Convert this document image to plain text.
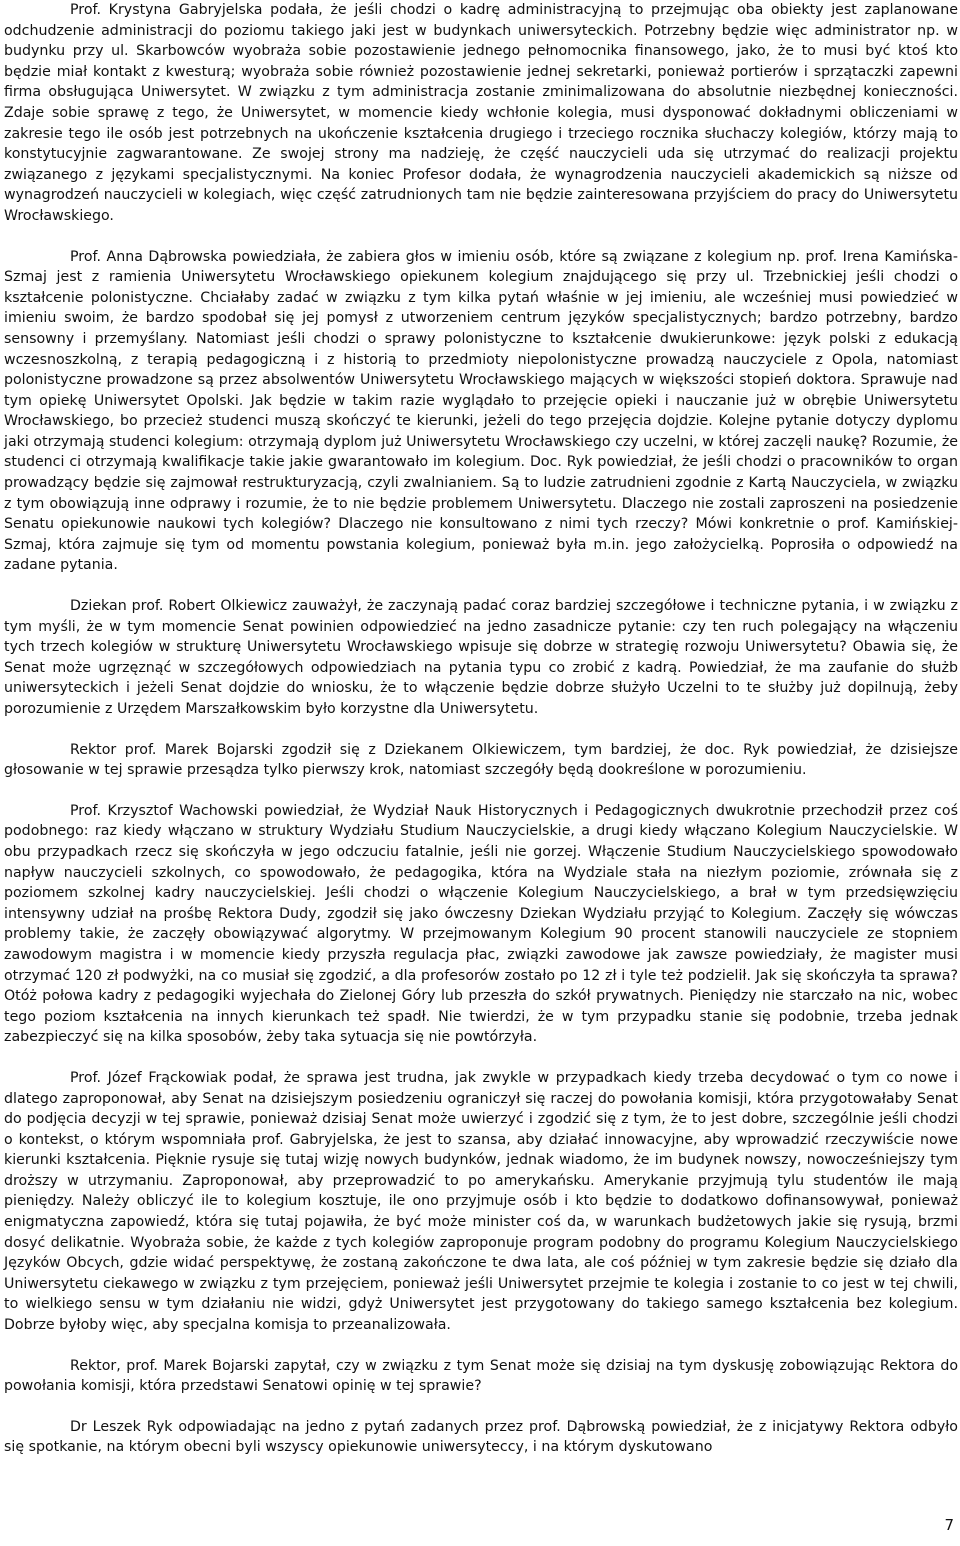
Prof. Krystyna Gabryjelska podała, że jeśli chodzi o kadrę administracyjną to przejmując oba obiekty jest zaplanowane odchudzenie administracji do poziomu takiego jaki jest w budynkach uniwersyteckich. Potrzebny będzie więc administrator np. w budynku przy ul. Skarbowców wyobraża sobie pozostawienie jednego pełnomocnika finansowego, jako, że to musi być ktoś kto będzie miał kontakt z kwesturą; wyobraża sobie również pozostawienie jednej sekretarki, ponieważ portierów i sprzątaczki zapewni firma obsługująca Uniwersytet. W związku z tym administracja zostanie zminimalizowana do absolutnie niezbędnej konieczności. Zdaje sobie sprawę z tego, że Uniwersytet, w momencie kiedy wchłonie kolegia, musi dysponować dokładnymi obliczeniami w zakresie tego ile osób jest potrzebnych na ukończenie kształcenia drugiego i trzeciego rocznika słuchaczy kolegiów, którzy mają to konstytucyjnie zagwarantowane. Ze swojej strony ma nadzieję, że część nauczycieli uda się utrzymać do realizacji projektu związanego z językami specjalistycznymi. Na koniec Profesor dodała, że wynagrodzenia nauczycieli akademickich są niższe od wynagrodzeń nauczycieli w kolegiach, więc część zatrudnionych tam nie będzie zainteresowana przyjściem do pracy do Uniwersytetu Wrocławskiego.

Prof. Anna Dąbrowska powiedziała, że zabiera głos w imieniu osób, które są związane z kolegium np. prof. Irena Kamińska-Szmaj jest z ramienia Uniwersytetu Wrocławskiego opiekunem kolegium znajdującego się przy ul. Trzebnickiej jeśli chodzi o kształcenie polonistyczne. Chciałaby zadać w związku z tym kilka pytań właśnie w jej imieniu, ale wcześniej musi powiedzieć w imieniu swoim, że bardzo spodobał się jej pomysł z utworzeniem centrum języków specjalistycznych; bardzo potrzebny, bardzo sensowny i przemyślany. Natomiast jeśli chodzi o sprawy polonistyczne to kształcenie dwukierunkowe: język polski z edukacją wczesnoszkolną, z terapią pedagogiczną i z historią to przedmioty niepolonistyczne prowadzą nauczyciele z Opola, natomiast polonistyczne prowadzone są przez absolwentów Uniwersytetu Wrocławskiego mających w większości stopień doktora. Sprawuje nad tym opiekę Uniwersytet Opolski. Jak będzie w takim razie wyglądało to przejęcie opieki i nauczanie już w obrębie Uniwersytetu Wrocławskiego, bo przecież studenci muszą skończyć te kierunki, jeżeli do tego przejęcia dojdzie. Kolejne pytanie dotyczy dyplomu jaki otrzymają studenci kolegium: otrzymają dyplom już Uniwersytetu Wrocławskiego czy uczelni, w której zaczęli naukę? Rozumie, że studenci ci otrzymają kwalifikacje takie jakie gwarantowało im kolegium. Doc. Ryk powiedział, że jeśli chodzi o pracowników to organ prowadzący będzie się zajmował restrukturyzacją, czyli zwalnianiem. Są to ludzie zatrudnieni zgodnie z Kartą Nauczyciela, w związku z tym obowiązują inne odprawy i rozumie, że to nie będzie problemem Uniwersytetu. Dlaczego nie zostali zaproszeni na posiedzenie Senatu opiekunowie naukowi tych kolegiów? Dlaczego nie konsultowano z nimi tych rzeczy? Mówi konkretnie o prof. Kamińskiej-Szmaj, która zajmuje się tym od momentu powstania kolegium, ponieważ była m.in. jego założycielką. Poprosiła o odpowiedź na zadane pytania.

Dziekan prof. Robert Olkiewicz zauważył, że zaczynają padać coraz bardziej szczegółowe i techniczne pytania, i w związku z tym myśli, że w tym momencie Senat powinien odpowiedzieć na jedno zasadnicze pytanie: czy ten ruch polegający na włączeniu tych trzech kolegiów w strukturę Uniwersytetu Wrocławskiego wpisuje się dobrze w strategię rozwoju Uniwersytetu? Obawia się, że Senat może ugrzęznąć w szczegółowych odpowiedziach na pytania typu co zrobić z kadrą. Powiedział, że ma zaufanie do służb uniwersyteckich i jeżeli Senat dojdzie do wniosku, że to włączenie będzie dobrze służyło Uczelni to te służby już dopilnują, żeby porozumienie z Urzędem Marszałkowskim było korzystne dla Uniwersytetu.

Rektor prof. Marek Bojarski zgodził się z Dziekanem Olkiewiczem, tym bardziej, że doc. Ryk powiedział, że dzisiejsze głosowanie w tej sprawie przesądza tylko pierwszy krok, natomiast szczegóły będą dookreślone w porozumieniu.

Prof. Krzysztof Wachowski powiedział, że Wydział Nauk Historycznych i Pedagogicznych dwukrotnie przechodził przez coś podobnego: raz kiedy włączano w struktury Wydziału Studium Nauczycielskie, a drugi kiedy włączano Kolegium Nauczycielskie. W obu przypadkach rzecz się skończyła w jego odczuciu fatalnie, jeśli nie gorzej. Włączenie Studium Nauczycielskiego spowodowało napływ nauczycieli szkolnych, co spowodowało, że pedagogika, która na Wydziale stała na niezłym poziomie, zrównała się z poziomem szkolnej kadry nauczycielskiej. Jeśli chodzi o włączenie Kolegium Nauczycielskiego, a brał w tym przedsięwzięciu intensywny udział na prośbę Rektora Dudy, zgodził się jako ówczesny Dziekan Wydziału przyjąć to Kolegium. Zaczęły się wówczas problemy takie, że zaczęły obowiązywać algorytmy. W przejmowanym Kolegium 90 procent stanowili nauczyciele ze stopniem zawodowym magistra i w momencie kiedy przyszła regulacja płac, związki zawodowe jak zawsze powiedziały, że magister musi otrzymać 120 zł podwyżki, na co musiał się zgodzić, a dla profesorów zostało po 12 zł i tyle też podzielił. Jak się skończyła ta sprawa? Otóż połowa kadry z pedagogiki wyjechała do Zielonej Góry lub przeszła do szkół prywatnych. Pieniędzy nie starczało na nic, wobec tego poziom kształcenia na innych kierunkach też spadł. Nie twierdzi, że w tym przypadku stanie się podobnie, trzeba jednak zabezpieczyć się na kilka sposobów, żeby taka sytuacja się nie powtórzyła.

Prof. Józef Frąckowiak podał, że sprawa jest trudna, jak zwykle w przypadkach kiedy trzeba decydować o tym co nowe i dlatego zaproponował, aby Senat na dzisiejszym posiedzeniu ograniczył się raczej do powołania komisji, która przygotowałaby Senat do podjęcia decyzji w tej sprawie, ponieważ dzisiaj Senat może uwierzyć i zgodzić się z tym, że to jest dobre, szczególnie jeśli chodzi o kontekst, o którym wspomniała prof. Gabryjelska, że jest to szansa, aby działać innowacyjne, aby wprowadzić rzeczywiście nowe kierunki kształcenia. Pięknie rysuje się tutaj wizję nowych budynków, jednak wiadomo, że im budynek nowszy, nowocześniejszy tym droższy w utrzymaniu. Zaproponował, aby przeprowadzić to po amerykańsku. Amerykanie przyjmują tylu studentów ile mają pieniędzy. Należy obliczyć ile to kolegium kosztuje, ile ono przyjmuje osób i kto będzie to dodatkowo dofinansowywał, ponieważ enigmatyczna zapowiedź, która się tutaj pojawiła, że być może minister coś da, w warunkach budżetowych jakie się rysują, brzmi dosyć delikatnie. Wyobraża sobie, że każde z tych kolegiów zaproponuje program podobny do programu Kolegium Nauczycielskiego Języków Obcych, gdzie widać perspektywę, że zostaną zakończone te dwa lata, ale coś później w tym zakresie będzie się działo dla Uniwersytetu ciekawego w związku z tym przejęciem, ponieważ jeśli Uniwersytet przejmie te kolegia i zostanie to co jest w tej chwili, to wielkiego sensu w tym działaniu nie widzi, gdyż Uniwersytet jest przygotowany do takiego samego kształcenia bez kolegium. Dobrze byłoby więc, aby specjalna komisja to przeanalizowała.

Rektor, prof. Marek Bojarski zapytał, czy w związku z tym Senat może się dzisiaj na tym dyskusję zobowiązując Rektora do powołania komisji, która przedstawi Senatowi opinię w tej sprawie?

Dr Leszek Ryk odpowiadając na jedno z pytań zadanych przez prof. Dąbrowską powiedział, że z inicjatywy Rektora odbyło się spotkanie, na którym obecni byli wszyscy opiekunowie uniwersyteccy, i na którym dyskutowano

7
